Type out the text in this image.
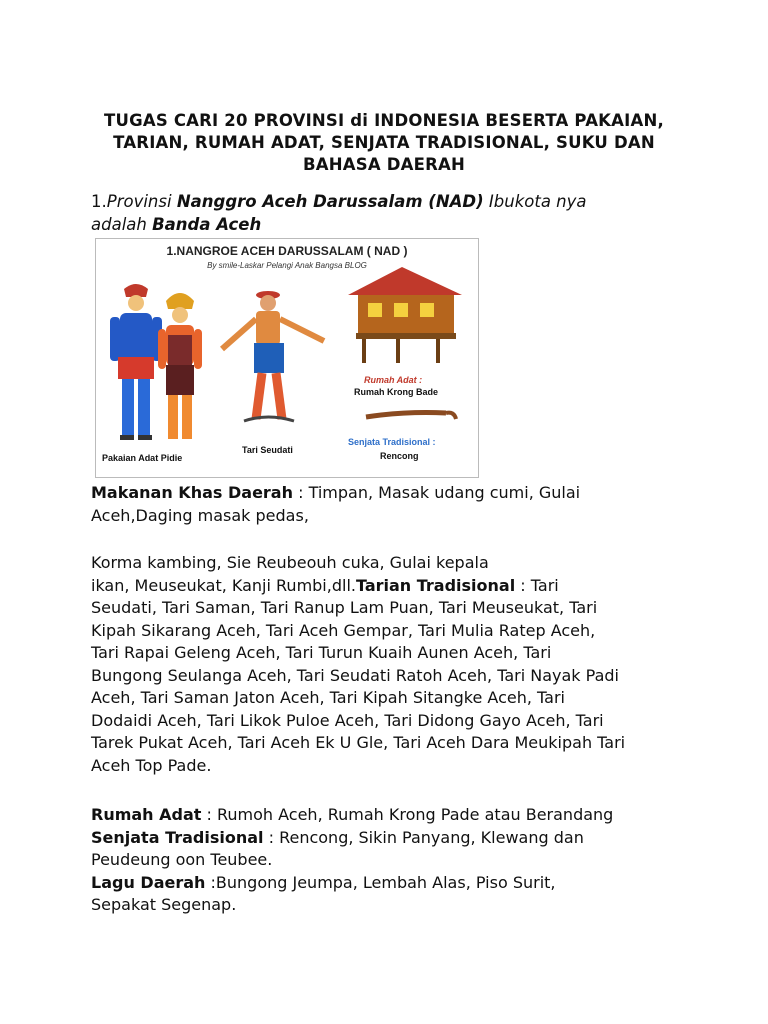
TUGAS CARI 20 PROVINSI di INDONESIA BESERTA PAKAIAN,
TARIAN, RUMAH ADAT, SENJATA TRADISIONAL, SUKU DAN
BAHASA DAERAH
1.Provinsi Nanggro Aceh Darussalam (NAD) Ibukota nya
adalah Banda Aceh
1.NANGROE ACEH DARUSSALAM ( NAD )
By smile-Laskar Pelangi Anak Bangsa BLOG
Pakaian Adat Pidie
Tari Seudati
Rumah Adat :
Rumah Krong Bade
Senjata Tradisional :
Rencong
Makanan Khas Daerah : Timpan, Masak udang cumi, Gulai
Aceh,Daging masak pedas,
Korma kambing, Sie Reubeouh cuka, Gulai kepala
ikan, Meuseukat, Kanji Rumbi,dll.Tarian Tradisional : Tari
Seudati, Tari Saman, Tari Ranup Lam Puan, Tari Meuseukat, Tari
Kipah Sikarang Aceh, Tari Aceh Gempar, Tari Mulia Ratep Aceh,
Tari Rapai Geleng Aceh, Tari Turun Kuaih Aunen Aceh, Tari
Bungong Seulanga Aceh, Tari Seudati Ratoh Aceh, Tari Nayak Padi
Aceh, Tari Saman Jaton Aceh, Tari Kipah Sitangke Aceh, Tari
Dodaidi Aceh, Tari Likok Puloe Aceh, Tari Didong Gayo Aceh, Tari
Tarek Pukat Aceh, Tari Aceh Ek U Gle, Tari Aceh Dara Meukipah Tari
Aceh Top Pade.
Rumah Adat : Rumoh Aceh, Rumah Krong Pade atau Berandang
Senjata Tradisional : Rencong, Sikin Panyang, Klewang dan
Peudeung oon Teubee.
Lagu Daerah :Bungong Jeumpa, Lembah Alas, Piso Surit,
Sepakat Segenap.
